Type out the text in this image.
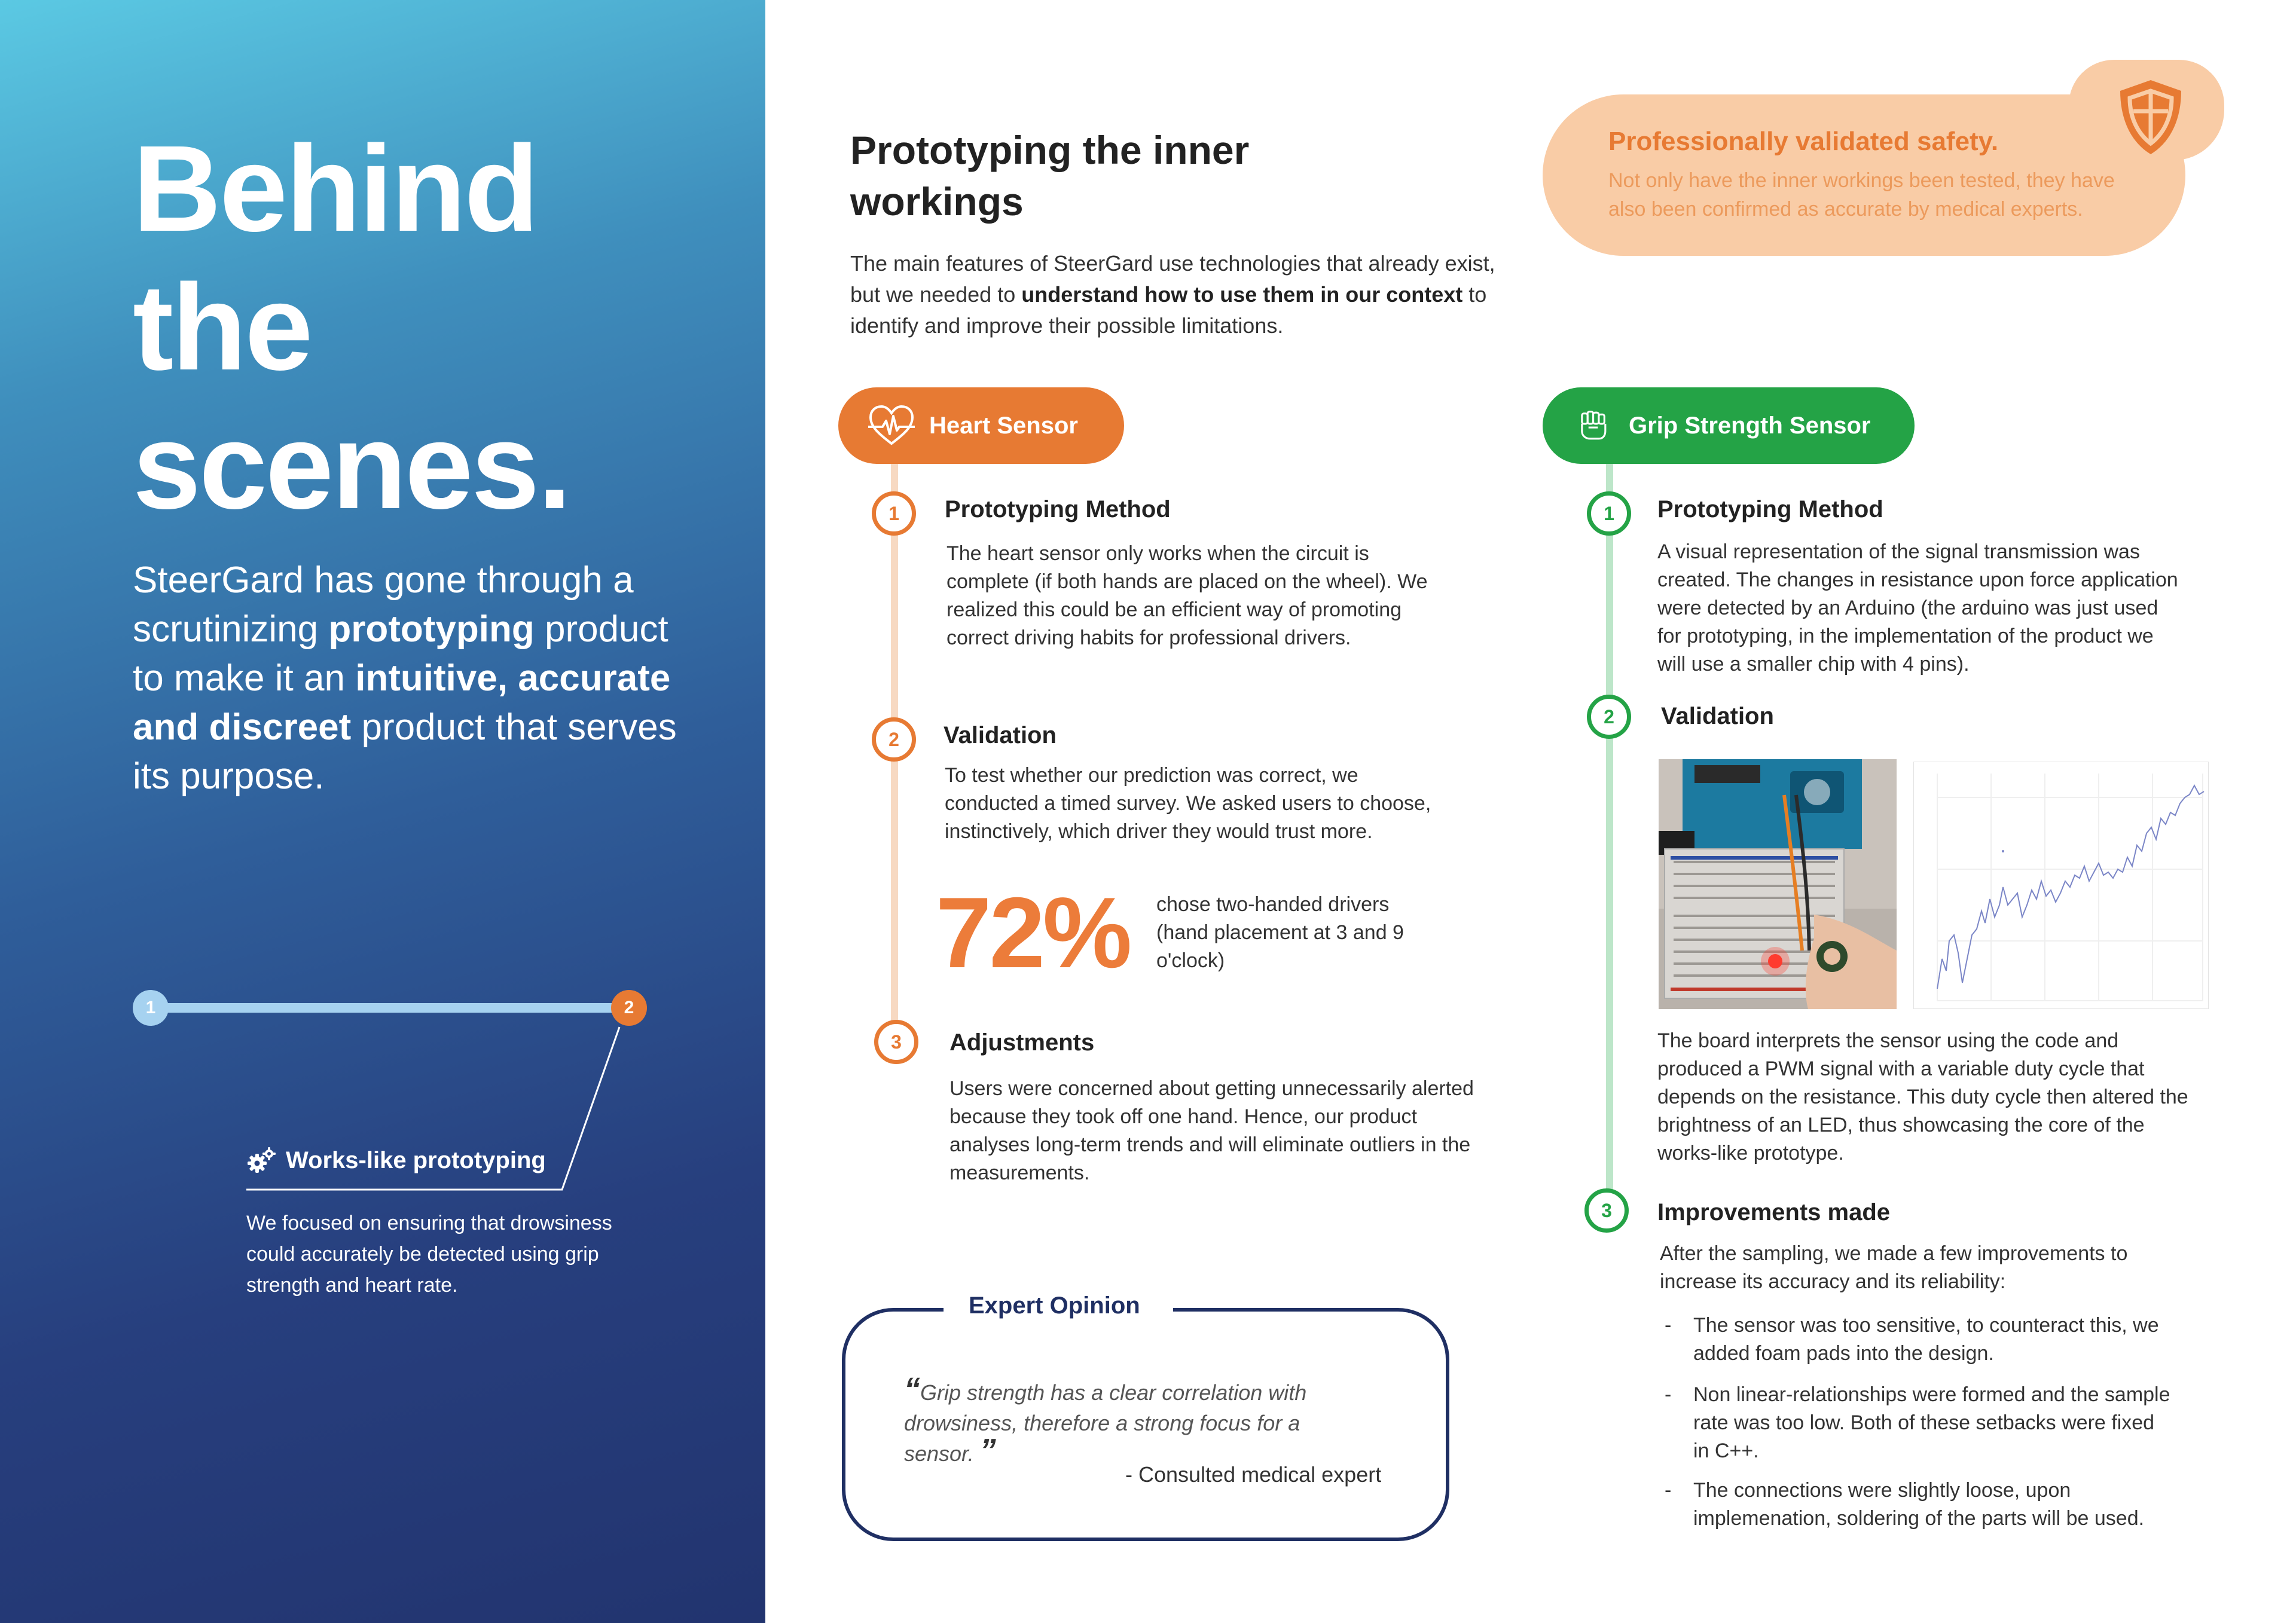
Behind
the
scenes.
SteerGard has gone through a scrutinizing prototyping product to make it an intuitive, accurate and discreet product that serves its purpose.
1	2
Works-like prototyping
We focused on ensuring that drowsiness could accurately be detected using grip strength and heart rate.
Prototyping the inner workings
The main features of SteerGard use technologies that already exist, but we needed to understand how to use them in our context to identify and improve their possible limitations.
Professionally validated safety.
Not only have the inner workings been tested, they have also been confirmed as accurate by medical experts.
Heart Sensor
1	Prototyping Method
The heart sensor only works when the circuit is complete (if both hands are placed on the wheel). We realized this could be an efficient way of promoting correct driving habits for professional drivers.
2	Validation
To test whether our prediction was correct, we conducted a timed survey. We asked users to choose, instinctively, which driver they would trust more.
72% chose two-handed drivers (hand placement at 3 and 9 o'clock)
3	Adjustments
Users were concerned about getting unnecessarily alerted because they took off one hand. Hence, our product analyses long-term trends and will eliminate outliers in the measurements.
Expert Opinion
“Grip strength has a clear correlation with drowsiness, therefore a strong focus for a sensor. ”
- Consulted medical expert
Grip Strength Sensor
1	Prototyping Method
A visual representation of the signal transmission was created. The changes in resistance upon force application were detected by an Arduino (the arduino was just used for prototyping, in the implementation of the product we will use a smaller chip with 4 pins).
2	Validation
The board interprets the sensor using the code and produced a PWM signal with a variable duty cycle that depends on the resistance. This duty cycle then altered the brightness of an LED, thus showcasing the core of the works-like prototype.
3	Improvements made
After the sampling, we made a few improvements to increase its accuracy and its reliability:
-	The sensor was too sensitive, to counteract this, we added foam pads into the design.
-	Non linear-relationships were formed and the sample rate was too low. Both of these setbacks were fixed in C++.
-	The connections were slightly loose, upon implemenation, soldering of the parts will be used.
